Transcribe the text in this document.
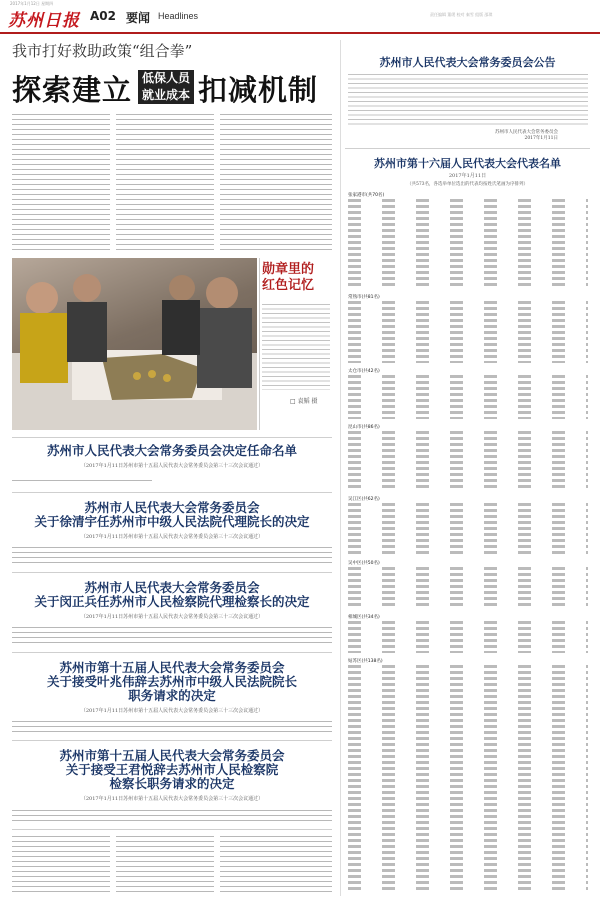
2017年1月12日 星期四
苏州日报 A02 要闻 Headlines	责任编辑 董缓 校对 秦雪 组版 邵琪
我市打好救助政策“组合拳”
探索建立 低保人员
就业成本 扣减机制
勋章里的
红色记忆
□ 袁韬 摄
苏州市人民代表大会常务委员会决定任命名单
（2017年1月11日苏州市第十五届人民代表大会常务委员会第三十三次会议通过）
苏州市人民代表大会常务委员会
关于徐清宇任苏州市中级人民法院代理院长的决定
（2017年1月11日苏州市第十五届人民代表大会常务委员会第三十三次会议通过）
苏州市人民代表大会常务委员会
关于闵正兵任苏州市人民检察院代理检察长的决定
（2017年1月11日苏州市第十五届人民代表大会常务委员会第三十三次会议通过）
苏州市第十五届人民代表大会常务委员会
关于接受叶兆伟辞去苏州市中级人民法院院长
职务请求的决定
（2017年1月11日苏州市第十五届人民代表大会常务委员会第三十三次会议通过）
苏州市第十五届人民代表大会常务委员会
关于接受王君悦辞去苏州市人民检察院
检察长职务请求的决定
（2017年1月11日苏州市第十五届人民代表大会常务委员会第三十三次会议通过）
苏州市人民代表大会常务委员会公告
苏州市人民代表大会常务委员会
2017年1月11日
苏州市第十六届人民代表大会代表名单
2017年1月11日
（共573名，各选举单位选出的代表均按姓氏笔画为序排列）
张家港市(共70名)
常熟市(共81名)
太仓市(共42名)
昆山市(共86名)
吴江区(共62名)
吴中区(共50名)
相城区(共34名)
姑苏区(共138名)
